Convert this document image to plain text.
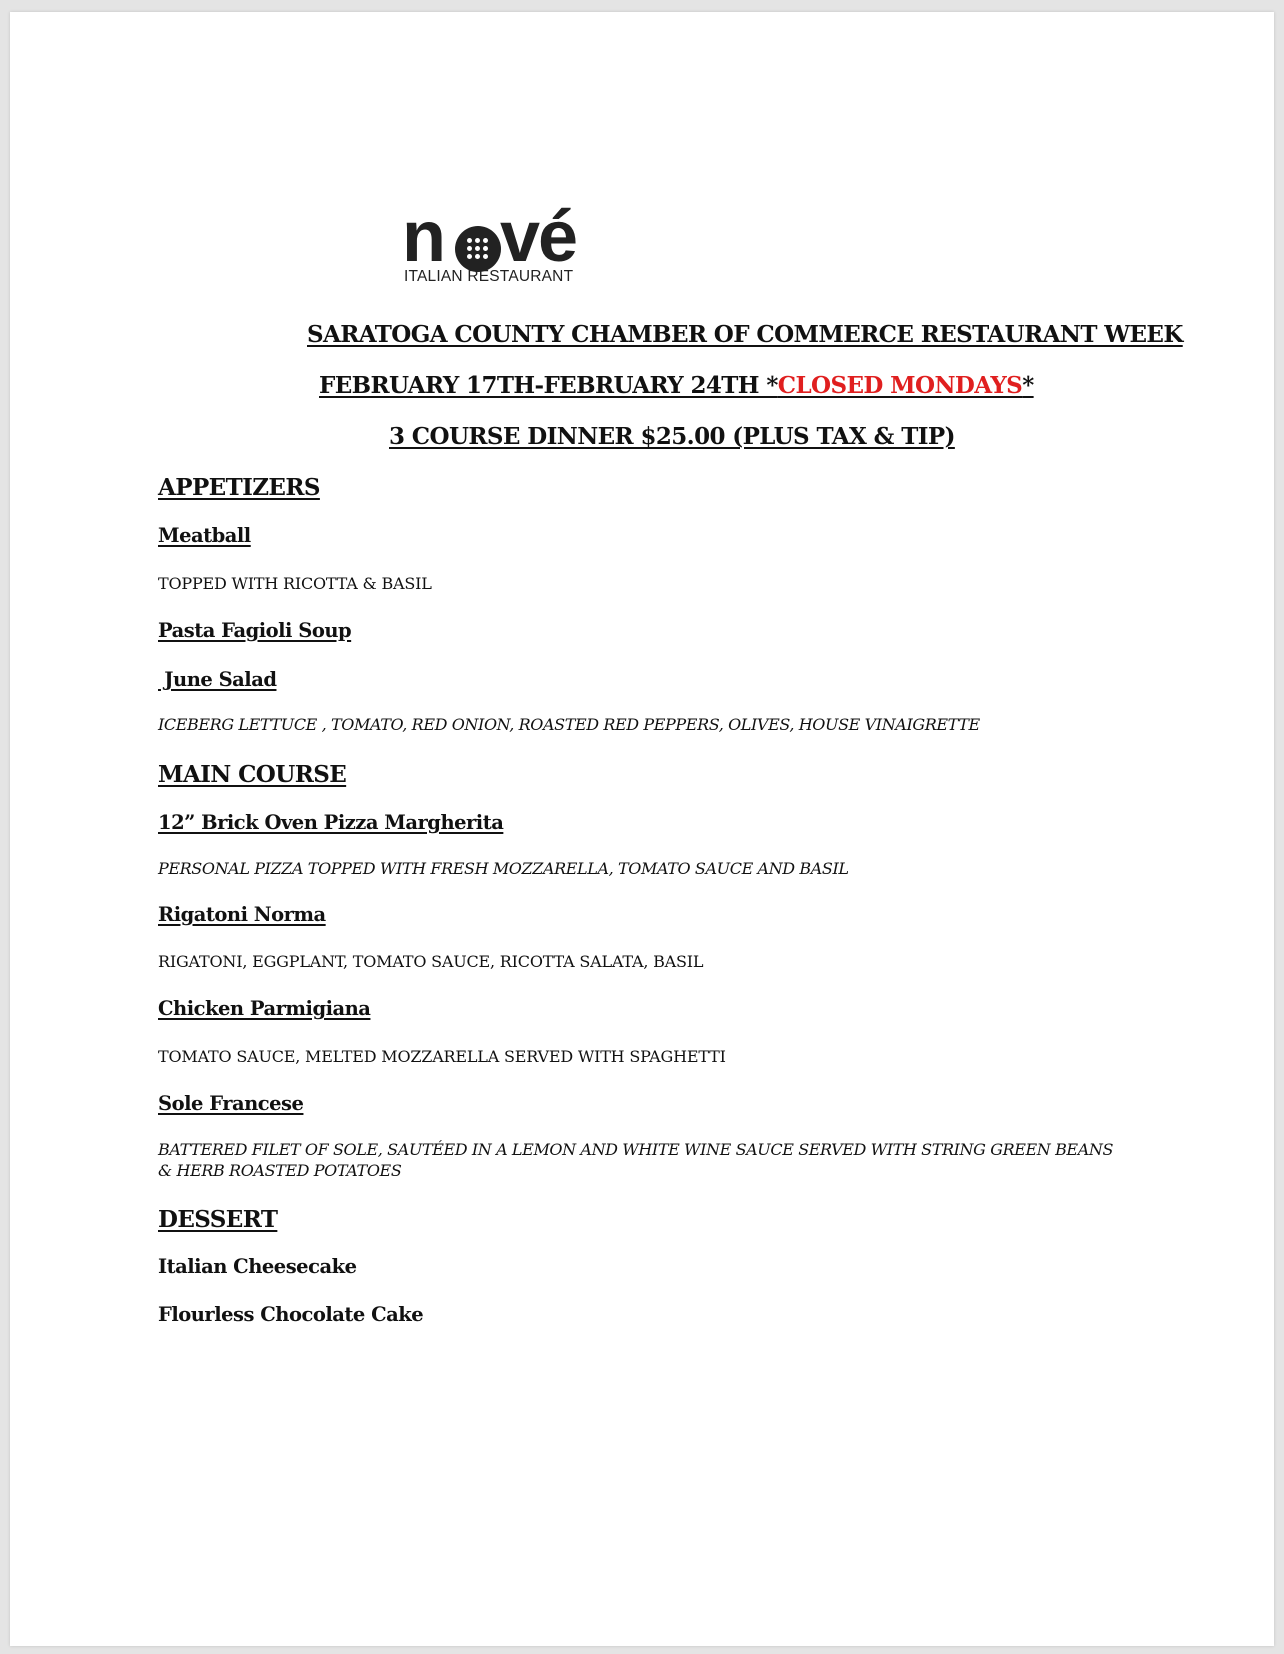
n v é
ITALIAN RESTAURANT
SARATOGA COUNTY CHAMBER OF COMMERCE RESTAURANT WEEK
FEBRUARY 17TH-FEBRUARY 24TH *CLOSED MONDAYS*
3 COURSE DINNER $25.00 (PLUS TAX & TIP)
APPETIZERS
Meatball
TOPPED WITH RICOTTA & BASIL
Pasta Fagioli Soup
June Salad
ICEBERG LETTUCE , TOMATO, RED ONION, ROASTED RED PEPPERS, OLIVES, HOUSE VINAIGRETTE
MAIN COURSE
12” Brick Oven Pizza Margherita
PERSONAL PIZZA TOPPED WITH FRESH MOZZARELLA, TOMATO SAUCE AND BASIL
Rigatoni Norma
RIGATONI, EGGPLANT, TOMATO SAUCE, RICOTTA SALATA, BASIL
Chicken Parmigiana
TOMATO SAUCE, MELTED MOZZARELLA SERVED WITH SPAGHETTI
Sole Francese
BATTERED FILET OF SOLE, SAUTÉED IN A LEMON AND WHITE WINE SAUCE SERVED WITH STRING GREEN BEANS & HERB ROASTED POTATOES
DESSERT
Italian Cheesecake
Flourless Chocolate Cake
